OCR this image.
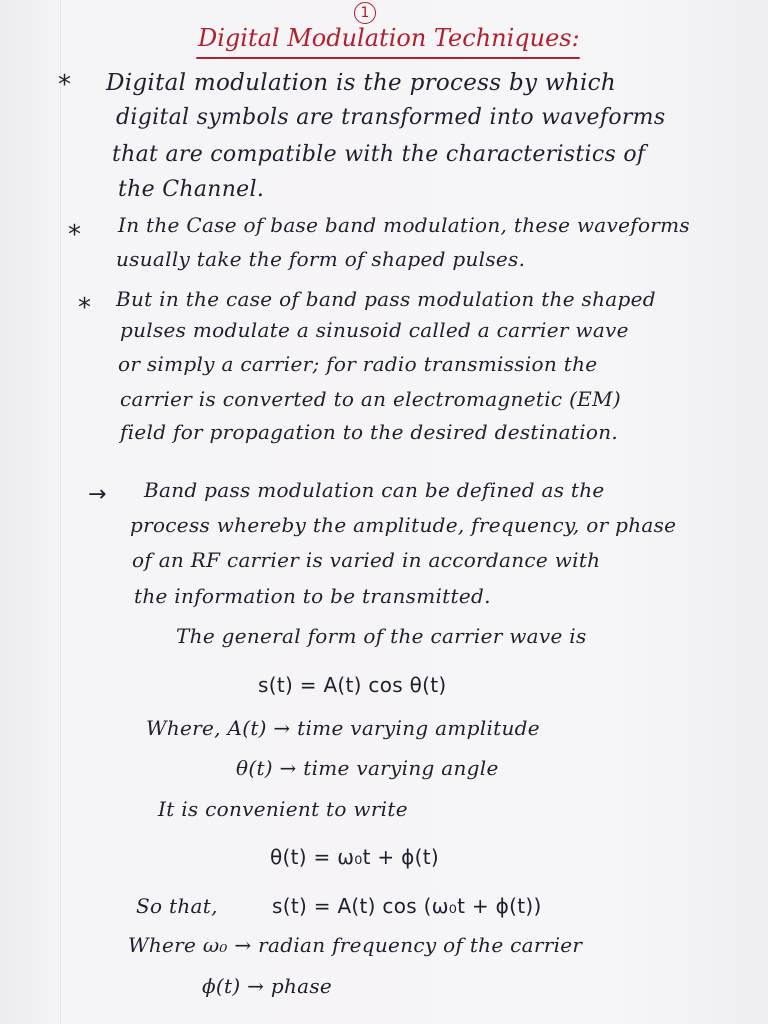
1
Digital Modulation Techniques:
* Digital modulation is the process by which
digital symbols are transformed into waveforms
that are compatible with the characteristics of
the Channel.
* In the Case of base band modulation, these waveforms
usually take the form of shaped pulses.
* But in the case of band pass modulation the shaped
pulses modulate a sinusoid called a carrier wave
or simply a carrier; for radio transmission the
carrier is converted to an electromagnetic (EM)
field for propagation to the desired destination.
→ Band pass modulation can be defined as the
process whereby the amplitude, frequency, or phase
of an RF carrier is varied in accordance with
the information to be transmitted.
The general form of the carrier wave is
s(t) = A(t) cos θ(t)
Where, A(t) → time varying amplitude
θ(t) → time varying angle
It is convenient to write
θ(t) = ω₀t + ϕ(t)
So that,	s(t) = A(t) cos (ω₀t + ϕ(t))
Where ω₀ → radian frequency of the carrier
ϕ(t) → phase
